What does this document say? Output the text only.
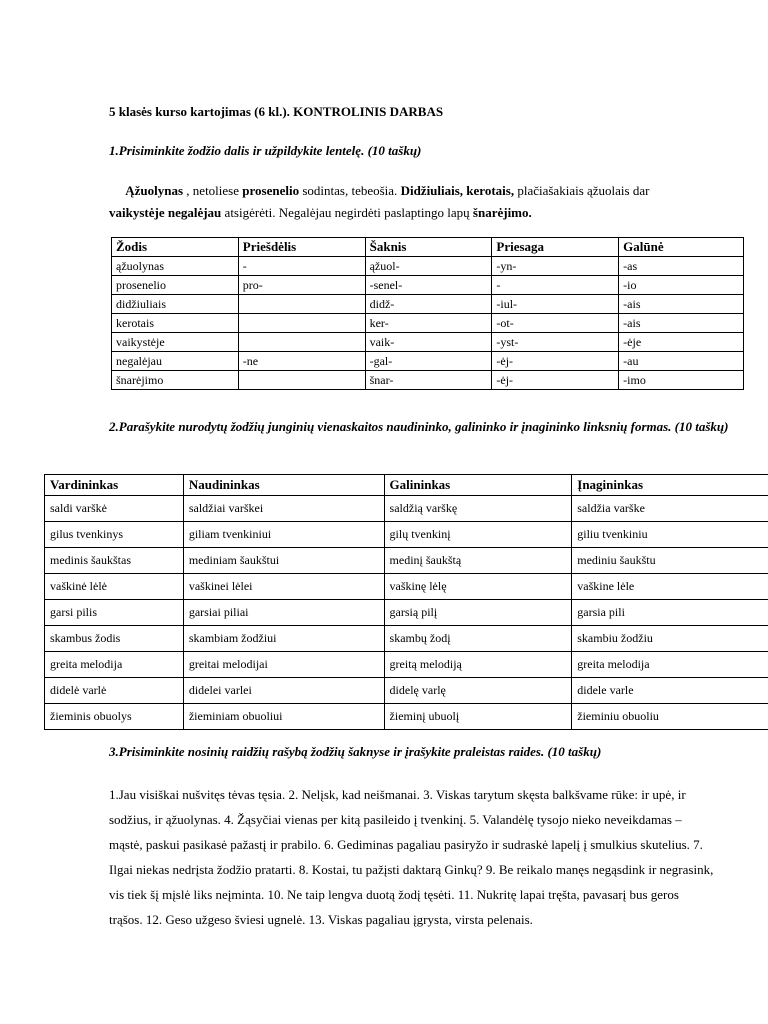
5 klasės kurso kartojimas (6 kl.). KONTROLINIS DARBAS
1.Prisiminkite žodžio dalis ir užpildykite lentelę. (10 taškų)
Ąžuolynas , netoliese prosenelio sodintas, tebeošia. Didžiuliais, kerotais, plačiašakiais ąžuolais dar vaikystėje negalėjau atsigėrėti. Negalėjau negirdėti paslaptingo lapų šnarėjimo.
Žodis	Priešdėlis	Šaknis	Priesaga	Galūnė
ąžuolynas	-	ąžuol-	-yn-	-as
prosenelio	pro-	-senel-	-	-io
didžiuliais		didž-	-iul-	-ais
kerotais		ker-	-ot-	-ais
vaikystėje		vaik-	-yst-	-ėje
negalėjau	-ne	-gal-	-ėj-	-au
šnarėjimo		šnar-	-ėj-	-imo
2.Parašykite nurodytų žodžių junginių vienaskaitos naudininko, galininko ir įnagininko linksnių formas. (10 taškų)
Vardininkas	Naudininkas	Galininkas	Įnagininkas
saldi varškė	saldžiai varškei	saldžią varškę	saldžia varške
gilus tvenkinys	giliam tvenkiniui	gilų tvenkinį	giliu tvenkiniu
medinis šaukštas	mediniam šaukštui	medinį šaukštą	mediniu šaukštu
vaškinė lėlė	vaškinei lėlei	vaškinę lėlę	vaškine lėle
garsi pilis	garsiai piliai	garsią pilį	garsia pili
skambus žodis	skambiam žodžiui	skambų žodį	skambiu žodžiu
greita melodija	greitai melodijai	greitą melodiją	greita melodija
didelė varlė	didelei varlei	didelę varlę	didele varle
žieminis obuolys	žieminiam obuoliui	žieminį ubuolį	žieminiu obuoliu
3.Prisiminkite nosinių raidžių rašybą žodžių šaknyse ir įrašykite praleistas raides. (10 taškų)
1.Jau visiškai nušvitęs tėvas tęsia. 2. Nelįsk, kad neišmanai. 3. Viskas tarytum skęsta balkšvame rūke: ir upė, ir sodžius, ir ąžuolynas. 4. Žąsyčiai vienas per kitą pasileido į tvenkinį. 5. Valandėlę tysojo nieko neveikdamas – mąstė, paskui pasikasė pažastį ir prabilo. 6. Gediminas pagaliau pasiryžo ir sudraskė lapelį į smulkius skutelius. 7. Ilgai niekas nedrįsta žodžio pratarti. 8. Kostai, tu pažįsti daktarą Ginkų? 9. Be reikalo manęs negąsdink ir negrasink, vis tiek šį mįslė liks neįminta. 10. Ne taip lengva duotą žodį tęsėti. 11. Nukritę lapai tręšta, pavasarį bus geros trąšos. 12. Geso užgeso šviesi ugnelė. 13. Viskas pagaliau įgrysta, virsta pelenais.
